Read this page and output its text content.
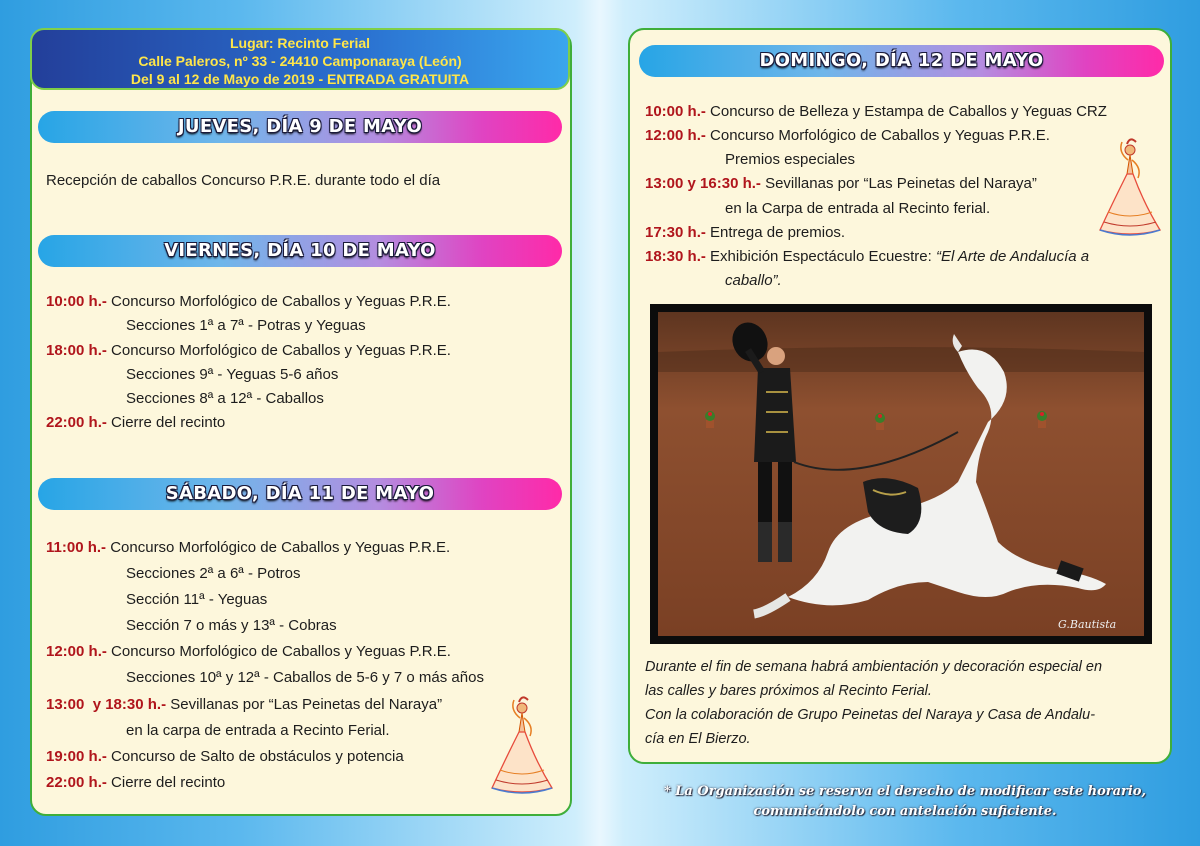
Lugar: Recinto Ferial
Calle Paleros, nº 33 - 24410 Camponaraya (León)
Del 9 al 12 de Mayo de 2019 - ENTRADA GRATUITA
JUEVES, DÍA 9 DE MAYO
Recepción de caballos Concurso P.R.E. durante todo el día
VIERNES, DÍA 10 DE MAYO
10:00 h.- Concurso Morfológico de Caballos y Yeguas P.R.E.
Secciones 1ª a 7ª - Potras y Yeguas
18:00 h.- Concurso Morfológico de Caballos y Yeguas P.R.E.
Secciones 9ª - Yeguas 5-6 años
Secciones 8ª a 12ª - Caballos
22:00 h.- Cierre del recinto
SÁBADO, DÍA 11 DE MAYO
11:00 h.- Concurso Morfológico de Caballos y Yeguas P.R.E.
Secciones 2ª a 6ª - Potros
Sección 11ª - Yeguas
Sección 7 o más y 13ª - Cobras
12:00 h.- Concurso Morfológico de Caballos y Yeguas P.R.E.
Secciones 10ª y 12ª - Caballos de 5-6 y 7 o más años
13:00  y 18:30 h.- Sevillanas por “Las Peinetas del Naraya”
en la carpa de entrada a Recinto Ferial.
19:00 h.- Concurso de Salto de obstáculos y potencia
22:00 h.- Cierre del recinto
DOMINGO, DÍA 12 DE MAYO
10:00 h.- Concurso de Belleza y Estampa de Caballos y Yeguas CRZ
12:00 h.- Concurso Morfológico de Caballos y Yeguas P.R.E.
Premios especiales
13:00 y 16:30 h.- Sevillanas por “Las Peinetas del Naraya”
en la Carpa de entrada al Recinto ferial.
17:30 h.- Entrega de premios.
18:30 h.- Exhibición Espectáculo Ecuestre: “El Arte de Andalucía a
caballo”.
G.Bautista
Durante el fin de semana habrá ambientación y decoración especial en
las calles y bares próximos al Recinto Ferial.
Con la colaboración de Grupo Peinetas del Naraya y Casa de Andalu-
cía en El Bierzo.
* La Organización se reserva el derecho de modificar este horario,
comunicándolo con antelación suficiente.
